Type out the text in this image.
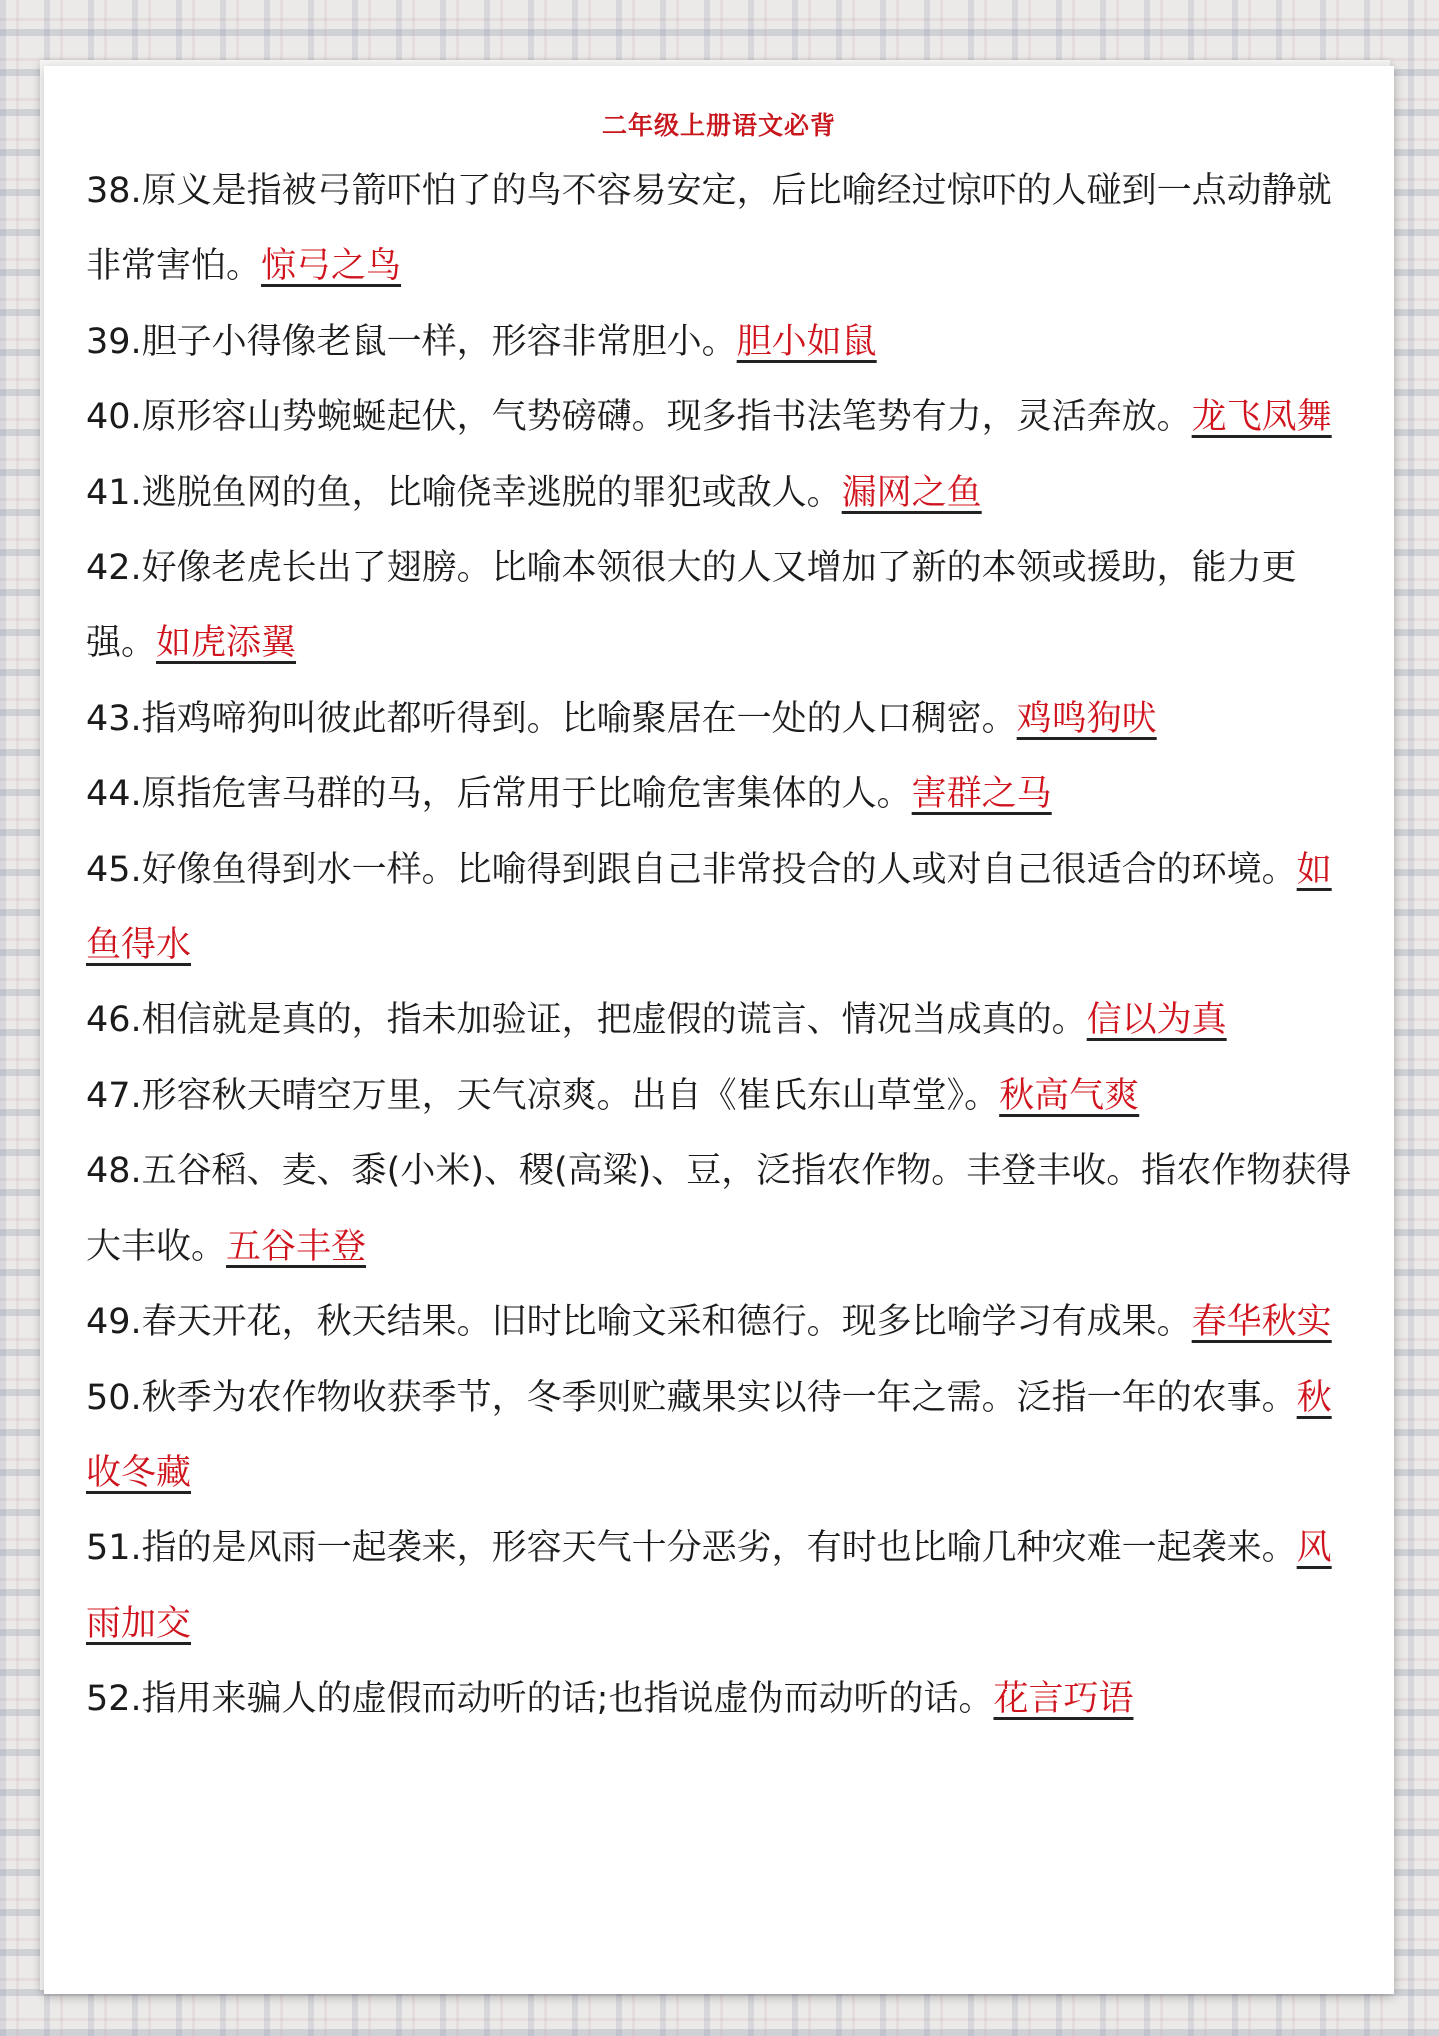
二年级上册语文必背

38.原义是指被弓箭吓怕了的鸟不容易安定，后比喻经过惊吓的人碰到一点动静就非常害怕。惊弓之鸟

39.胆子小得像老鼠一样，形容非常胆小。胆小如鼠

40.原形容山势蜿蜒起伏，气势磅礴。现多指书法笔势有力，灵活奔放。龙飞凤舞

41.逃脱鱼网的鱼，比喻侥幸逃脱的罪犯或敌人。漏网之鱼

42.好像老虎长出了翅膀。比喻本领很大的人又增加了新的本领或援助，能力更强。如虎添翼

43.指鸡啼狗叫彼此都听得到。比喻聚居在一处的人口稠密。鸡鸣狗吠

44.原指危害马群的马，后常用于比喻危害集体的人。害群之马

45.好像鱼得到水一样。比喻得到跟自己非常投合的人或对自己很适合的环境。如鱼得水

46.相信就是真的，指未加验证，把虚假的谎言、情况当成真的。信以为真

47.形容秋天晴空万里，天气凉爽。出自《崔氏东山草堂》。秋高气爽

48.五谷稻、麦、黍(小米)、稷(高粱)、豆，泛指农作物。丰登丰收。指农作物获得大丰收。五谷丰登

49.春天开花，秋天结果。旧时比喻文采和德行。现多比喻学习有成果。春华秋实

50.秋季为农作物收获季节，冬季则贮藏果实以待一年之需。泛指一年的农事。秋收冬藏

51.指的是风雨一起袭来，形容天气十分恶劣，有时也比喻几种灾难一起袭来。风雨加交

52.指用来骗人的虚假而动听的话;也指说虚伪而动听的话。花言巧语
